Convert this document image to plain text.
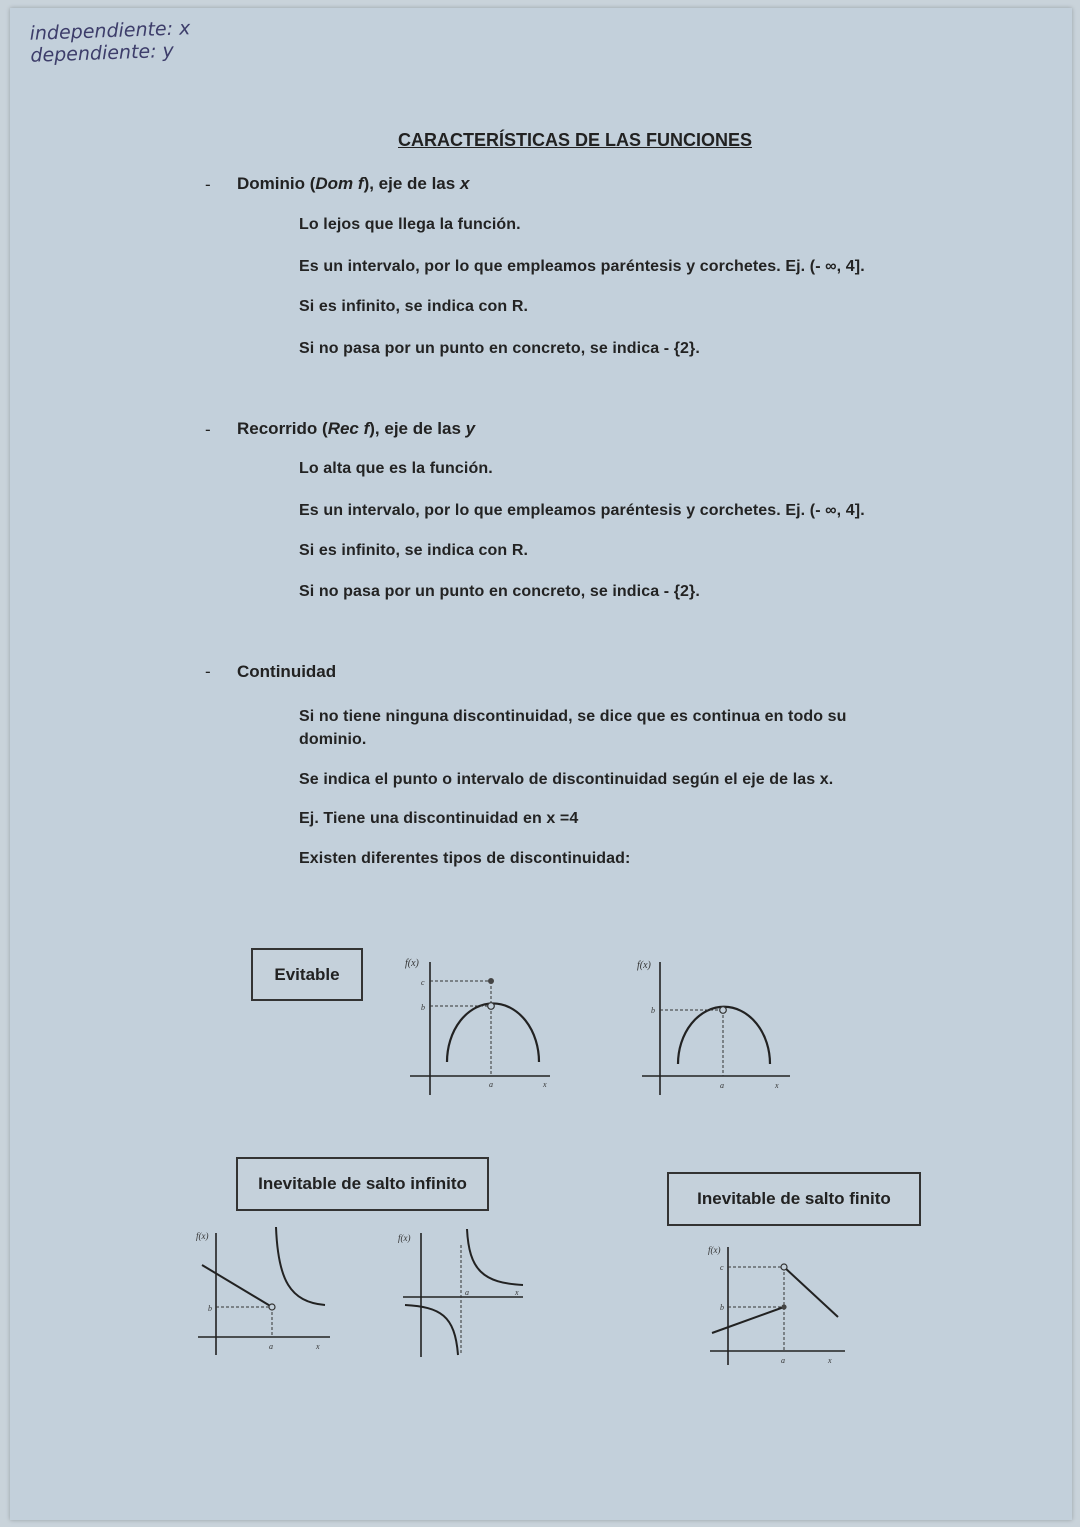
independiente: x
dependiente: y
CARACTERÍSTICAS DE LAS FUNCIONES
- Dominio (Dom f), eje de las x
Lo lejos que llega la función.
Es un intervalo, por lo que empleamos paréntesis y corchetes. Ej. (- ∞, 4].
Si es infinito, se indica con R.
Si no pasa por un punto en concreto, se indica - {2}.
- Recorrido (Rec f), eje de las y
Lo alta que es la función.
Es un intervalo, por lo que empleamos paréntesis y corchetes. Ej. (- ∞, 4].
Si es infinito, se indica con R.
Si no pasa por un punto en concreto, se indica - {2}.
- Continuidad
Si no tiene ninguna discontinuidad, se dice que es continua en todo su dominio.
Se indica el punto o intervalo de discontinuidad según el eje de las x.
Ej. Tiene una discontinuidad en x =4
Existen diferentes tipos de discontinuidad:
Evitable
Inevitable de salto infinito
Inevitable de salto finito
f(x)
c
b
a	x
f(x)
b
a	x
f(x)
b
a	x
f(x)
a	x
f(x)
c
b
a	x
